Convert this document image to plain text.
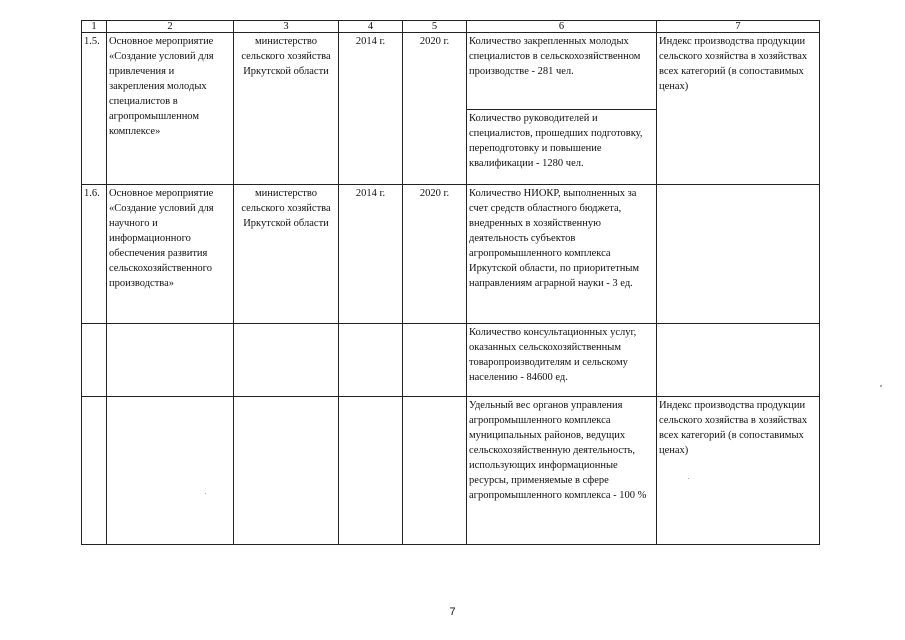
1	2	3	4	5	6	7
1.5.	Основное мероприятие «Создание условий для привлечения и закрепления молодых специалистов в агропромышленном комплексе»	министерство сельского хозяйства Иркутской области	2014 г.	2020 г.	Количество закрепленных молодых специалистов в сельскохозяйственном производстве - 281 чел.	Индекс производства продукции сельского хозяйства в хозяйствах всех категорий (в сопоставимых ценах)
					Количество руководителей и специалистов, прошедших подготовку, переподготовку и повышение квалификации - 1280 чел.	
1.6.	Основное мероприятие «Создание условий для научного и информационного обеспечения развития сельскохозяйственного производства»	министерство сельского хозяйства Иркутской области	2014 г.	2020 г.	Количество НИОКР, выполненных за счет средств областного бюджета, внедренных в хозяйственную деятельность субъектов агропромышленного комплекса Иркутской области, по приоритетным направлениям аграрной науки - 3 ед.	
					Количество консультационных услуг, оказанных сельскохозяйственным товаропроизводителям и сельскому населению - 84600 ед.	
					Удельный вес органов управления агропромышленного комплекса муниципальных районов, ведущих сельскохозяйственную деятельность, использующих информационные ресурсы, применяемые в сфере агропромышленного комплекса - 100 %	Индекс производства продукции сельского хозяйства в хозяйствах всех категорий (в сопоставимых ценах)
7
